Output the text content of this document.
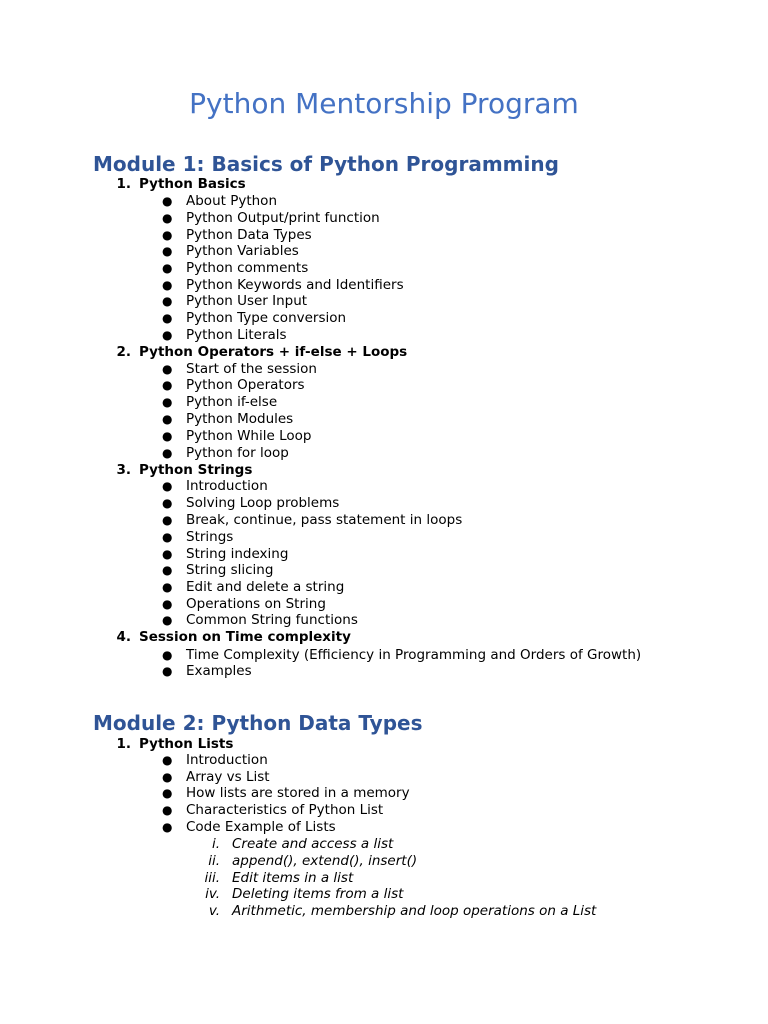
Python Mentorship Program
Module 1: Basics of Python Programming
1. Python Basics
● About Python
● Python Output/print function
● Python Data Types
● Python Variables
● Python comments
● Python Keywords and Identifiers
● Python User Input
● Python Type conversion
● Python Literals
2. Python Operators + if-else + Loops
● Start of the session
● Python Operators
● Python if-else
● Python Modules
● Python While Loop
● Python for loop
3. Python Strings
● Introduction
● Solving Loop problems
● Break, continue, pass statement in loops
● Strings
● String indexing
● String slicing
● Edit and delete a string
● Operations on String
● Common String functions
4. Session on Time complexity
● Time Complexity (Efficiency in Programming and Orders of Growth)
● Examples
Module 2: Python Data Types
1. Python Lists
● Introduction
● Array vs List
● How lists are stored in a memory
● Characteristics of Python List
● Code Example of Lists
i. Create and access a list
ii. append(), extend(), insert()
iii. Edit items in a list
iv. Deleting items from a list
v. Arithmetic, membership and loop operations on a List
